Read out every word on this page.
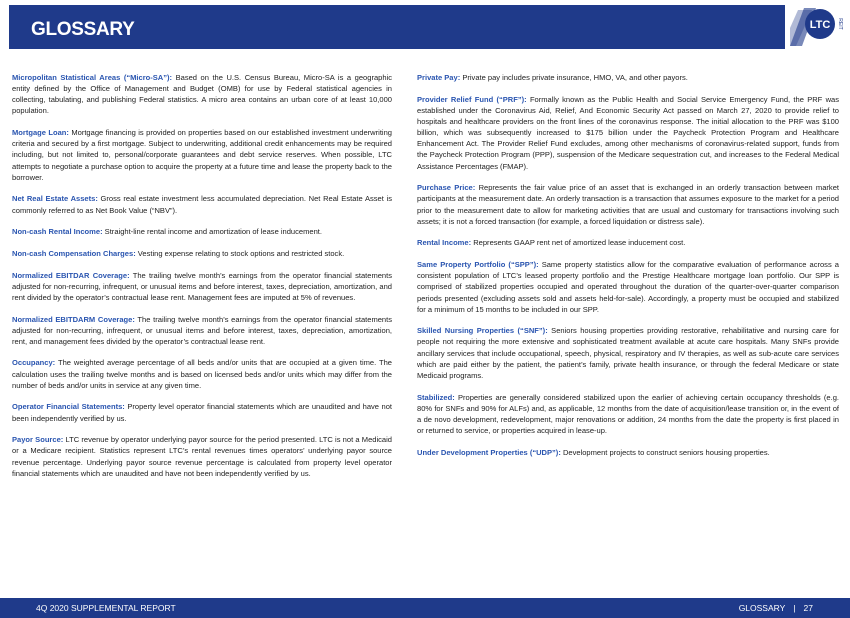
GLOSSARY	LTC REIT

Micropolitan Statistical Areas (“Micro-SA”): Based on the U.S. Census Bureau, Micro-SA is a geographic entity defined by the Office of Management and Budget (OMB) for use by Federal statistical agencies in collecting, tabulating, and publishing Federal statistics. A micro area contains an urban core of at least 10,000 population.

Mortgage Loan: Mortgage financing is provided on properties based on our established investment underwriting criteria and secured by a first mortgage. Subject to underwriting, additional credit enhancements may be required including, but not limited to, personal/corporate guarantees and debt service reserves. When possible, LTC attempts to negotiate a purchase option to acquire the property at a future time and lease the property back to the borrower.

Net Real Estate Assets: Gross real estate investment less accumulated depreciation. Net Real Estate Asset is commonly referred to as Net Book Value (“NBV”).

Non-cash Rental Income: Straight-line rental income and amortization of lease inducement.

Non-cash Compensation Charges: Vesting expense relating to stock options and restricted stock.

Normalized EBITDAR Coverage: The trailing twelve month’s earnings from the operator financial statements adjusted for non-recurring, infrequent, or unusual items and before interest, taxes, depreciation, amortization, and rent divided by the operator’s contractual lease rent. Management fees are imputed at 5% of revenues.

Normalized EBITDARM Coverage: The trailing twelve month’s earnings from the operator financial statements adjusted for non-recurring, infrequent, or unusual items and before interest, taxes, depreciation, amortization, rent, and management fees divided by the operator’s contractual lease rent.

Occupancy: The weighted average percentage of all beds and/or units that are occupied at a given time. The calculation uses the trailing twelve months and is based on licensed beds and/or units which may differ from the number of beds and/or units in service at any given time.

Operator Financial Statements: Property level operator financial statements which are unaudited and have not been independently verified by us.

Payor Source: LTC revenue by operator underlying payor source for the period presented. LTC is not a Medicaid or a Medicare recipient. Statistics represent LTC’s rental revenues times operators’ underlying payor source revenue percentage. Underlying payor source revenue percentage is calculated from property level operator financial statements which are unaudited and have not been independently verified by us.

Private Pay: Private pay includes private insurance, HMO, VA, and other payors.

Provider Relief Fund (“PRF”): Formally known as the Public Health and Social Service Emergency Fund, the PRF was established under the Coronavirus Aid, Relief, And Economic Security Act passed on March 27, 2020 to provide relief to hospitals and healthcare providers on the front lines of the coronavirus response. The initial allocation to the PRF was $100 billion, which was subsequently increased to $175 billion under the Paycheck Protection Program and Healthcare Enhancement Act. The Provider Relief Fund excludes, among other mechanisms of coronavirus-related support, funds from the Paycheck Protection Program (PPP), suspension of the Medicare sequestration cut, and increases to the Federal Medical Assistance Percentages (FMAP).

Purchase Price: Represents the fair value price of an asset that is exchanged in an orderly transaction between market participants at the measurement date. An orderly transaction is a transaction that assumes exposure to the market for a period prior to the measurement date to allow for marketing activities that are usual and customary for transactions involving such assets; it is not a forced transaction (for example, a forced liquidation or distress sale).

Rental Income: Represents GAAP rent net of amortized lease inducement cost.

Same Property Portfolio (“SPP”): Same property statistics allow for the comparative evaluation of performance across a consistent population of LTC’s leased property portfolio and the Prestige Healthcare mortgage loan portfolio. Our SPP is comprised of stabilized properties occupied and operated throughout the duration of the quarter-over-quarter comparison periods presented (excluding assets sold and assets held-for-sale). Accordingly, a property must be occupied and stabilized for a minimum of 15 months to be included in our SPP.

Skilled Nursing Properties (“SNF”): Seniors housing properties providing restorative, rehabilitative and nursing care for people not requiring the more extensive and sophisticated treatment available at acute care hospitals. Many SNFs provide ancillary services that include occupational, speech, physical, respiratory and IV therapies, as well as sub-acute care services which are paid either by the patient, the patient’s family, private health insurance, or through the federal Medicare or state Medicaid programs.

Stabilized: Properties are generally considered stabilized upon the earlier of achieving certain occupancy thresholds (e.g. 80% for SNFs and 90% for ALFs) and, as applicable, 12 months from the date of acquisition/lease transition or, in the event of a de novo development, redevelopment, major renovations or addition, 24 months from the date the property is first placed in or returned to service, or properties acquired in lease-up.

Under Development Properties (“UDP”): Development projects to construct seniors housing properties.

4Q 2020 SUPPLEMENTAL REPORT	GLOSSARY | 27
